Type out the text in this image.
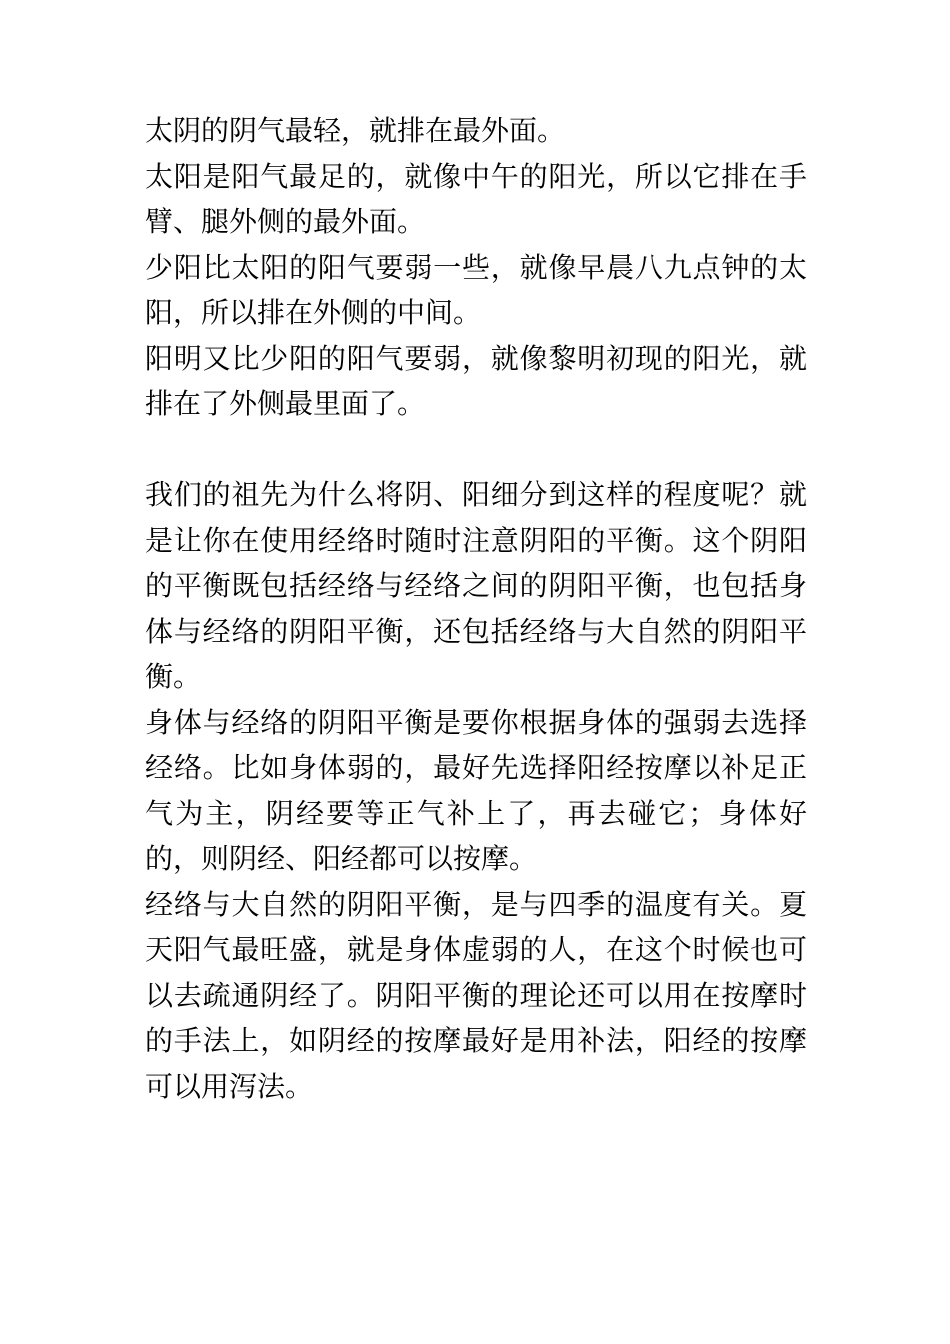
太阴的阴气最轻，就排在最外面。

太阳是阳气最足的，就像中午的阳光，所以它排在手臂、腿外侧的最外面。

少阳比太阳的阳气要弱一些，就像早晨八九点钟的太阳，所以排在外侧的中间。

阳明又比少阳的阳气要弱，就像黎明初现的阳光，就排在了外侧最里面了。

我们的祖先为什么将阴、阳细分到这样的程度呢？就是让你在使用经络时随时注意阴阳的平衡。这个阴阳的平衡既包括经络与经络之间的阴阳平衡，也包括身体与经络的阴阳平衡，还包括经络与大自然的阴阳平衡。

身体与经络的阴阳平衡是要你根据身体的强弱去选择经络。比如身体弱的，最好先选择阳经按摩以补足正气为主，阴经要等正气补上了，再去碰它；身体好的，则阴经、阳经都可以按摩。

经络与大自然的阴阳平衡，是与四季的温度有关。夏天阳气最旺盛，就是身体虚弱的人，在这个时候也可以去疏通阴经了。阴阳平衡的理论还可以用在按摩时的手法上，如阴经的按摩最好是用补法，阳经的按摩可以用泻法。
